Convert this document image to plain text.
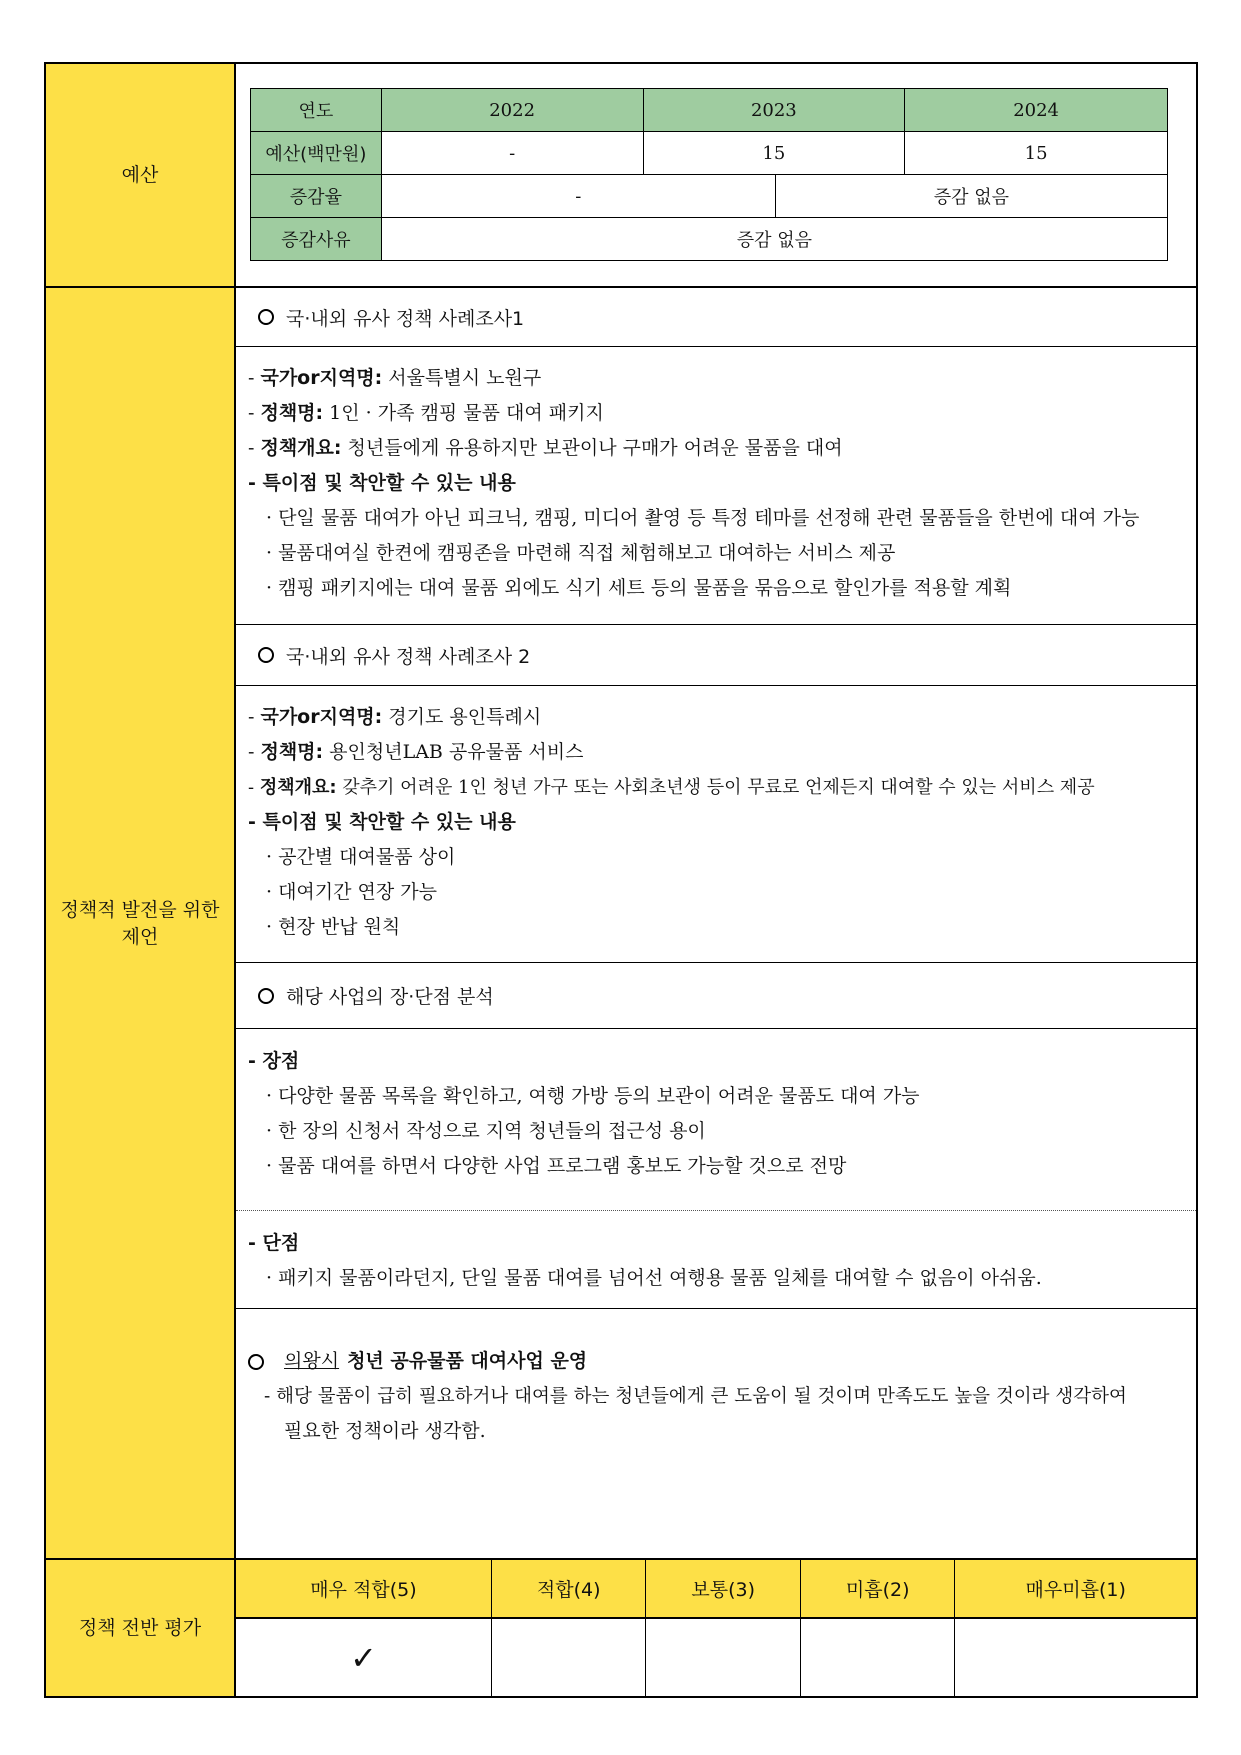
예산
연도	2022	2023	2024
예산(백만원)	-	15	15
증감율	- 증감 없음		

증감사유	증감 없음		
정책적 발전을 위한 제언
국·내외 유사 정책 사례조사1
- 국가or지역명: 서울특별시 노원구
- 정책명: 1인 · 가족 캠핑 물품 대여 패키지
- 정책개요: 청년들에게 유용하지만 보관이나 구매가 어려운 물품을 대여
- 특이점 및 착안할 수 있는 내용
· 단일 물품 대여가 아닌 피크닉, 캠핑, 미디어 촬영 등 특정 테마를 선정해 관련 물품들을 한번에 대여 가능
· 물품대여실 한켠에 캠핑존을 마련해 직접 체험해보고 대여하는 서비스 제공
· 캠핑 패키지에는 대여 물품 외에도 식기 세트 등의 물품을 묶음으로 할인가를 적용할 계획
국·내외 유사 정책 사례조사 2
- 국가or지역명: 경기도 용인특례시
- 정책명: 용인청년LAB 공유물품 서비스
- 정책개요: 갖추기 어려운 1인 청년 가구 또는 사회초년생 등이 무료로 언제든지 대여할 수 있는 서비스 제공
- 특이점 및 착안할 수 있는 내용
· 공간별 대여물품 상이
· 대여기간 연장 가능
· 현장 반납 원칙
해당 사업의 장·단점 분석
- 장점
· 다양한 물품 목록을 확인하고, 여행 가방 등의 보관이 어려운 물품도 대여 가능
· 한 장의 신청서 작성으로 지역 청년들의 접근성 용이
· 물품 대여를 하면서 다양한 사업 프로그램 홍보도 가능할 것으로 전망
- 단점
· 패키지 물품이라던지, 단일 물품 대여를 넘어선 여행용 물품 일체를 대여할 수 없음이 아쉬움.
의왕시 청년 공유물품 대여사업 운영
- 해당 물품이 급히 필요하거나 대여를 하는 청년들에게 큰 도움이 될 것이며 만족도도 높을 것이라 생각하여
필요한 정책이라 생각함.
정책 전반 평가
매우 적합(5)	적합(4)	보통(3)	미흡(2)	매우미흡(1)
✓				
